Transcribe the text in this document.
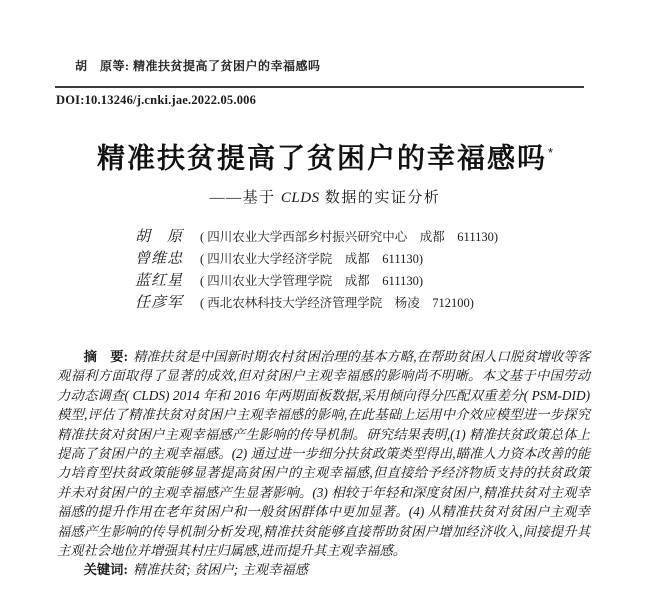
胡　原等: 精准扶贫提高了贫困户的幸福感吗
DOI:10.13246/j.cnki.jae.2022.05.006
精准扶贫提高了贫困户的幸福感吗*
——基于 CLDS 数据的实证分析
胡　原	( 四川农业大学西部乡村振兴研究中心　成都　611130)
曾维忠	( 四川农业大学经济学院　成都　611130)
蓝红星	( 四川农业大学管理学院　成都　611130)
任彦军	( 西北农林科技大学经济管理学院　杨凌　712100)

摘　要: 精准扶贫是中国新时期农村贫困治理的基本方略,在帮助贫困人口脱贫增收等客观福利方面取得了显著的成效,但对贫困户主观幸福感的影响尚不明晰。本文基于中国劳动力动态调查( CLDS) 2014 年和 2016 年两期面板数据,采用倾向得分匹配双重差分( PSM-DID) 模型,评估了精准扶贫对贫困户主观幸福感的影响,在此基础上运用中介效应模型进一步探究精准扶贫对贫困户主观幸福感产生影响的传导机制。研究结果表明,(1) 精准扶贫政策总体上提高了贫困户的主观幸福感。(2) 通过进一步细分扶贫政策类型得出,瞄准人力资本改善的能力培育型扶贫政策能够显著提高贫困户的主观幸福感,但直接给予经济物质支持的扶贫政策并未对贫困户的主观幸福感产生显著影响。(3) 相较于年轻和深度贫困户,精准扶贫对主观幸福感的提升作用在老年贫困户和一般贫困群体中更加显著。(4) 从精准扶贫对贫困户主观幸福感产生影响的传导机制分析发现,精准扶贫能够直接帮助贫困户增加经济收入,间接提升其主观社会地位并增强其村庄归属感,进而提升其主观幸福感。

关键词: 精准扶贫; 贫困户; 主观幸福感
